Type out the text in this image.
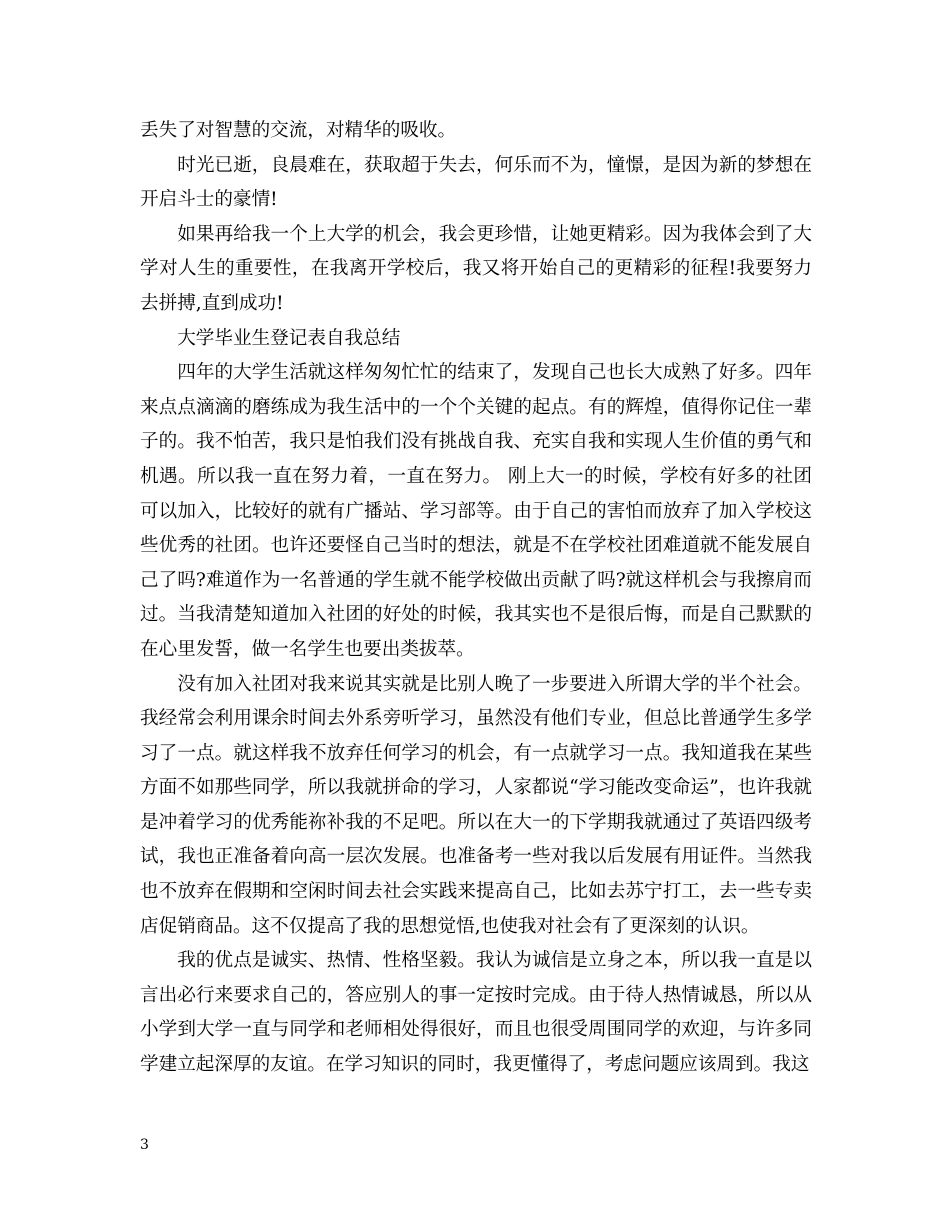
丢失了对智慧的交流，对精华的吸收。

时光已逝，良晨难在，获取超于失去，何乐而不为，憧憬，是因为新的梦想在开启斗士的豪情!

如果再给我一个上大学的机会，我会更珍惜，让她更精彩。因为我体会到了大学对人生的重要性，在我离开学校后，我又将开始自己的更精彩的征程!我要努力去拼搏,直到成功!

大学毕业生登记表自我总结

四年的大学生活就这样匆匆忙忙的结束了，发现自己也长大成熟了好多。四年来点点滴滴的磨练成为我生活中的一个个关键的起点。有的辉煌，值得你记住一辈子的。我不怕苦，我只是怕我们没有挑战自我、充实自我和实现人生价值的勇气和机遇。所以我一直在努力着，一直在努力。 刚上大一的时候，学校有好多的社团可以加入，比较好的就有广播站、学习部等。由于自己的害怕而放弃了加入学校这些优秀的社团。也许还要怪自己当时的想法，就是不在学校社团难道就不能发展自己了吗?难道作为一名普通的学生就不能学校做出贡献了吗?就这样机会与我擦肩而过。当我清楚知道加入社团的好处的时候，我其实也不是很后悔，而是自己默默的在心里发誓，做一名学生也要出类拔萃。

没有加入社团对我来说其实就是比别人晚了一步要进入所谓大学的半个社会。我经常会利用课余时间去外系旁听学习，虽然没有他们专业，但总比普通学生多学习了一点。就这样我不放弃任何学习的机会，有一点就学习一点。我知道我在某些方面不如那些同学，所以我就拼命的学习，人家都说“学习能改变命运”，也许我就是冲着学习的优秀能祢补我的不足吧。所以在大一的下学期我就通过了英语四级考试，我也正准备着向高一层次发展。也准备考一些对我以后发展有用证件。当然我也不放弃在假期和空闲时间去社会实践来提高自己，比如去苏宁打工，去一些专卖店促销商品。这不仅提高了我的思想觉悟,也使我对社会有了更深刻的认识。

我的优点是诚实、热情、性格坚毅。我认为诚信是立身之本，所以我一直是以言出必行来要求自己的，答应别人的事一定按时完成。由于待人热情诚恳，所以从小学到大学一直与同学和老师相处得很好，而且也很受周围同学的欢迎，与许多同学建立起深厚的友谊。在学习知识的同时，我更懂得了，考虑问题应该周到。我这

3
